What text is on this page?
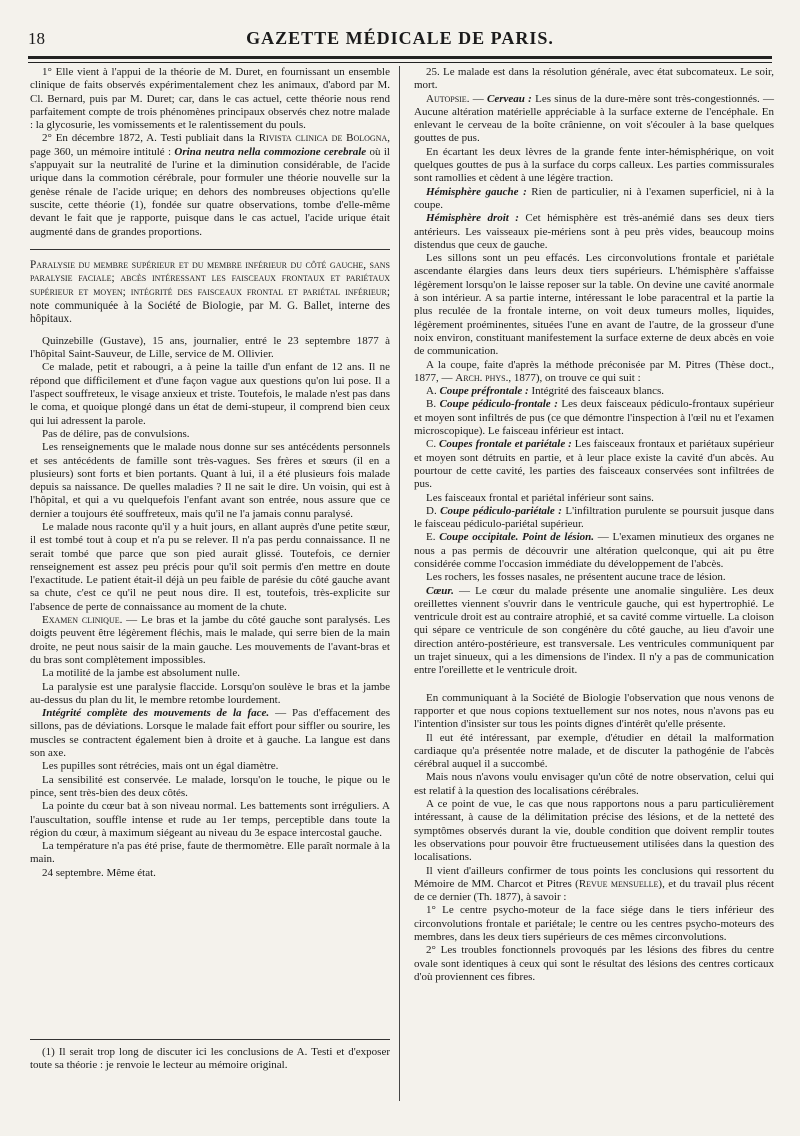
18	GAZETTE MÉDICALE DE PARIS.

1° Elle vient à l'appui de la théorie de M. Duret, en fournissant un ensemble clinique de faits observés expérimentalement chez les animaux, d'abord par M. Cl. Bernard, puis par M. Duret; car, dans le cas actuel, cette théorie nous rend parfaitement compte de trois phénomènes principaux observés chez notre malade : la glycosurie, les vomissements et le ralentissement du pouls.

2° En décembre 1872, A. Testi publiait dans la Rivista clinica de Bologna, page 360, un mémoire intitulé : Orina neutra nella commozione cerebrale où il s'appuyait sur la neutralité de l'urine et la diminution considérable, de l'acide urique dans la commotion cérébrale, pour formuler une théorie nouvelle sur la genèse rénale de l'acide urique; en dehors des nombreuses objections qu'elle suscite, cette théorie (1), fondée sur quatre observations, tombe d'elle-même devant le fait que je rapporte, puisque dans le cas actuel, l'acide urique était augmenté dans de grandes proportions.

Paralysie du membre supérieur et du membre inférieur du côté gauche, sans paralysie faciale; abcès intéressant les faisceaux frontaux et pariétaux supérieur et moyen; intégrité des faisceaux frontal et pariétal inférieur; note communiquée à la Société de Biologie, par M. G. Ballet, interne des hôpitaux.

Quinzebille (Gustave), 15 ans, journalier, entré le 23 septembre 1877 à l'hôpital Saint-Sauveur, de Lille, service de M. Ollivier.

Ce malade, petit et rabougri, a à peine la taille d'un enfant de 12 ans. Il ne répond que difficilement et d'une façon vague aux questions qu'on lui pose. Il a l'aspect souffreteux, le visage anxieux et triste. Toutefois, le malade n'est pas dans le coma, et quoique plongé dans un état de demi-stupeur, il comprend bien ceux qui lui adressent la parole.

Pas de délire, pas de convulsions.

Les renseignements que le malade nous donne sur ses antécédents personnels et ses antécédents de famille sont très-vagues. Ses frères et sœurs (il en a plusieurs) sont forts et bien portants. Quant à lui, il a été plusieurs fois malade depuis sa naissance. De quelles maladies ? Il ne sait le dire. Un voisin, qui est à l'hôpital, et qui a vu quelquefois l'enfant avant son entrée, nous assure que ce dernier a toujours été souffreteux, mais qu'il ne l'a jamais connu paralysé.

Le malade nous raconte qu'il y a huit jours, en allant auprès d'une petite sœur, il est tombé tout à coup et n'a pu se relever. Il n'a pas perdu connaissance. Il ne serait tombé que parce que son pied aurait glissé. Toutefois, ce dernier renseignement est assez peu précis pour qu'il soit permis d'en mettre en doute l'exactitude. Le patient était-il déjà un peu faible de parésie du côté gauche avant sa chute, c'est ce qu'il ne peut nous dire. Il est, toutefois, très-explicite sur l'absence de perte de connaissance au moment de la chute.

Examen clinique. — Le bras et la jambe du côté gauche sont paralysés. Les doigts peuvent être légèrement fléchis, mais le malade, qui serre bien de la main droite, ne peut nous saisir de la main gauche. Les mouvements de l'avant-bras et du bras sont complètement impossibles.

La motilité de la jambe est absolument nulle.

La paralysie est une paralysie flaccide. Lorsqu'on soulève le bras et la jambe au-dessus du plan du lit, le membre retombe lourdement.

Intégrité complète des mouvements de la face. — Pas d'effacement des sillons, pas de déviations. Lorsque le malade fait effort pour siffler ou sourire, les muscles se contractent également bien à droite et à gauche. La langue est dans son axe.

Les pupilles sont rétrécies, mais ont un égal diamètre.

La sensibilité est conservée. Le malade, lorsqu'on le touche, le pique ou le pince, sent très-bien des deux côtés.

La pointe du cœur bat à son niveau normal. Les battements sont irréguliers. A l'auscultation, souffle intense et rude au 1er temps, perceptible dans toute la région du cœur, à maximum siégeant au niveau du 3e espace intercostal gauche.

La température n'a pas été prise, faute de thermomètre. Elle paraît normale à la main.

24 septembre. Même état.

(1) Il serait trop long de discuter ici les conclusions de A. Testi et d'exposer toute sa théorie : je renvoie le lecteur au mémoire original.

25. Le malade est dans la résolution générale, avec état subcomateux. Le soir, mort.

Autopsie. — Cerveau : Les sinus de la dure-mère sont très-congestionnés. — Aucune altération matérielle appréciable à la surface externe de l'encéphale. En enlevant le cerveau de la boîte crânienne, on voit s'écouler à la base quelques gouttes de pus.

En écartant les deux lèvres de la grande fente inter-hémisphérique, on voit quelques gouttes de pus à la surface du corps calleux. Les parties commissurales sont ramollies et cèdent à une légère traction.

Hémisphère gauche : Rien de particulier, ni à l'examen superficiel, ni à la coupe.

Hémisphère droit : Cet hémisphère est très-anémié dans ses deux tiers antérieurs. Les vaisseaux pie-mériens sont à peu près vides, beaucoup moins distendus que ceux de gauche.

Les sillons sont un peu effacés. Les circonvolutions frontale et pariétale ascendante élargies dans leurs deux tiers supérieurs. L'hémisphère s'affaisse légèrement lorsqu'on le laisse reposer sur la table. On devine une cavité anormale à son intérieur. A sa partie interne, intéressant le lobe paracentral et la partie la plus reculée de la frontale interne, on voit deux tumeurs molles, liquides, légèrement proéminentes, situées l'une en avant de l'autre, de la grosseur d'une noix environ, constituant manifestement la surface externe de deux abcès en voie de communication.

A la coupe, faite d'après la méthode préconisée par M. Pitres (Thèse doct., 1877, — Arch. phys., 1877), on trouve ce qui suit :

A. Coupe préfrontale : Intégrité des faisceaux blancs.

B. Coupe pédiculo-frontale : Les deux faisceaux pédiculo-frontaux supérieur et moyen sont infiltrés de pus (ce que démontre l'inspection à l'œil nu et l'examen microscopique). Le faisceau inférieur est intact.

C. Coupes frontale et pariétale : Les faisceaux frontaux et pariétaux supérieur et moyen sont détruits en partie, et à leur place existe la cavité d'un abcès. Au pourtour de cette cavité, les parties des faisceaux conservées sont infiltrées de pus.

Les faisceaux frontal et pariétal inférieur sont sains.

D. Coupe pédiculo-pariétale : L'infiltration purulente se poursuit jusque dans le faisceau pédiculo-pariétal supérieur.

E. Coupe occipitale. Point de lésion. — L'examen minutieux des organes ne nous a pas permis de découvrir une altération quelconque, qui ait pu être considérée comme l'occasion immédiate du développement de l'abcès.

Les rochers, les fosses nasales, ne présentent aucune trace de lésion.

Cœur. — Le cœur du malade présente une anomalie singulière. Les deux oreillettes viennent s'ouvrir dans le ventricule gauche, qui est hypertrophié. Le ventricule droit est au contraire atrophié, et sa cavité comme virtuelle. La cloison qui sépare ce ventricule de son congénère du côté gauche, au lieu d'avoir une direction antéro-postérieure, est transversale. Les ventricules communiquent par un trajet sinueux, qui a les dimensions de l'index. Il n'y a pas de communication entre l'oreillette et le ventricule droit.

En communiquant à la Société de Biologie l'observation que nous venons de rapporter et que nous copions textuellement sur nos notes, nous n'avons pas eu l'intention d'insister sur tous les points dignes d'intérêt qu'elle présente.

Il eut été intéressant, par exemple, d'étudier en détail la malformation cardiaque qu'a présentée notre malade, et de discuter la pathogénie de l'abcès cérébral auquel il a succombé.

Mais nous n'avons voulu envisager qu'un côté de notre observation, celui qui est relatif à la question des localisations cérébrales.

A ce point de vue, le cas que nous rapportons nous a paru particulièrement intéressant, à cause de la délimitation précise des lésions, et de la netteté des symptômes observés durant la vie, double condition que doivent remplir toutes les observations pour pouvoir être fructueusement utilisées dans la question des localisations.

Il vient d'ailleurs confirmer de tous points les conclusions qui ressortent du Mémoire de MM. Charcot et Pitres (Revue mensuelle), et du travail plus récent de ce dernier (Th. 1877), à savoir :

1° Le centre psycho-moteur de la face siége dans le tiers inférieur des circonvolutions frontale et pariétale; le centre ou les centres psycho-moteurs des membres, dans les deux tiers supérieurs de ces mêmes circonvolutions.

2° Les troubles fonctionnels provoqués par les lésions des fibres du centre ovale sont identiques à ceux qui sont le résultat des lésions des centres corticaux d'où proviennent ces fibres.
